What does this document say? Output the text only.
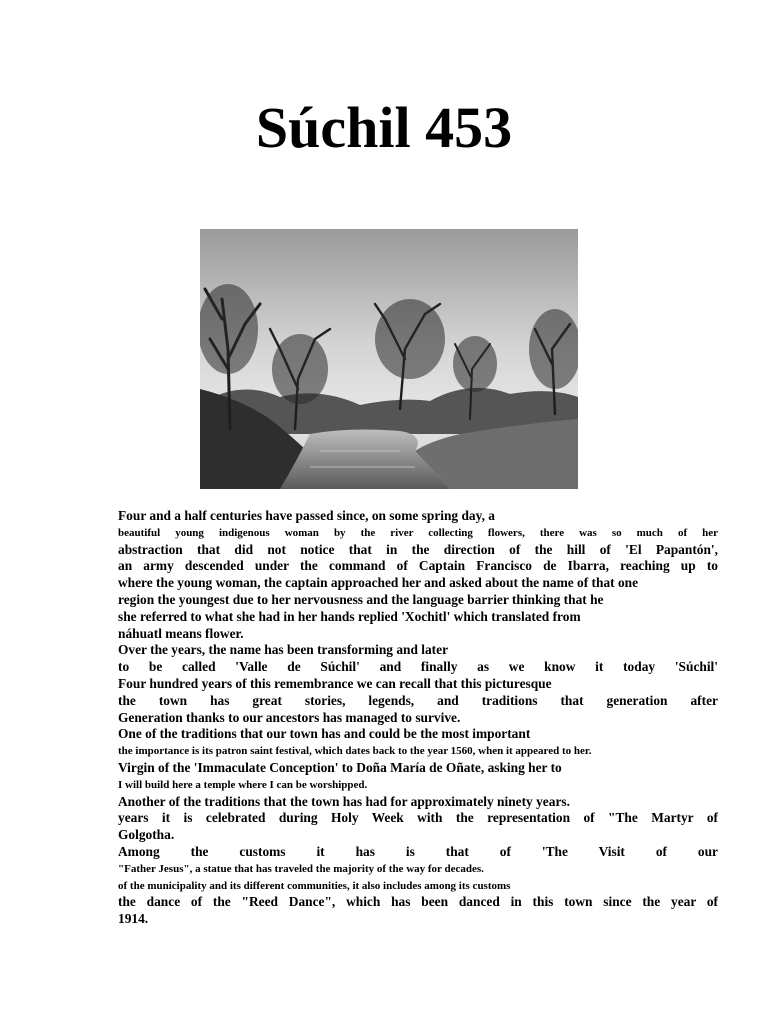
Súchil 453
Four and a half centuries have passed since, on some spring day, a
beautiful young indigenous woman by the river collecting flowers, there was so much of her
abstraction that did not notice that in the direction of the hill of 'El Papantón',
an army descended under the command of Captain Francisco de Ibarra, reaching up to
where the young woman, the captain approached her and asked about the name of that one
region the youngest due to her nervousness and the language barrier thinking that he
she referred to what she had in her hands replied 'Xochitl' which translated from
náhuatl means flower.
Over the years, the name has been transforming and later
to be called 'Valle de Súchil' and finally as we know it today 'Súchil'
Four hundred years of this remembrance we can recall that this picturesque
the town has great stories, legends, and traditions that generation after
Generation thanks to our ancestors has managed to survive.
One of the traditions that our town has and could be the most important
the importance is its patron saint festival, which dates back to the year 1560, when it appeared to her.
Virgin of the 'Immaculate Conception' to Doña María de Oñate, asking her to
I will build here a temple where I can be worshipped.
Another of the traditions that the town has had for approximately ninety years.
years it is celebrated during Holy Week with the representation of "The Martyr of
Golgotha.
Among the customs it has is that of 'The Visit of our
"Father Jesus", a statue that has traveled the majority of the way for decades.
of the municipality and its different communities, it also includes among its customs
the dance of the "Reed Dance", which has been danced in this town since the year of
1914.
